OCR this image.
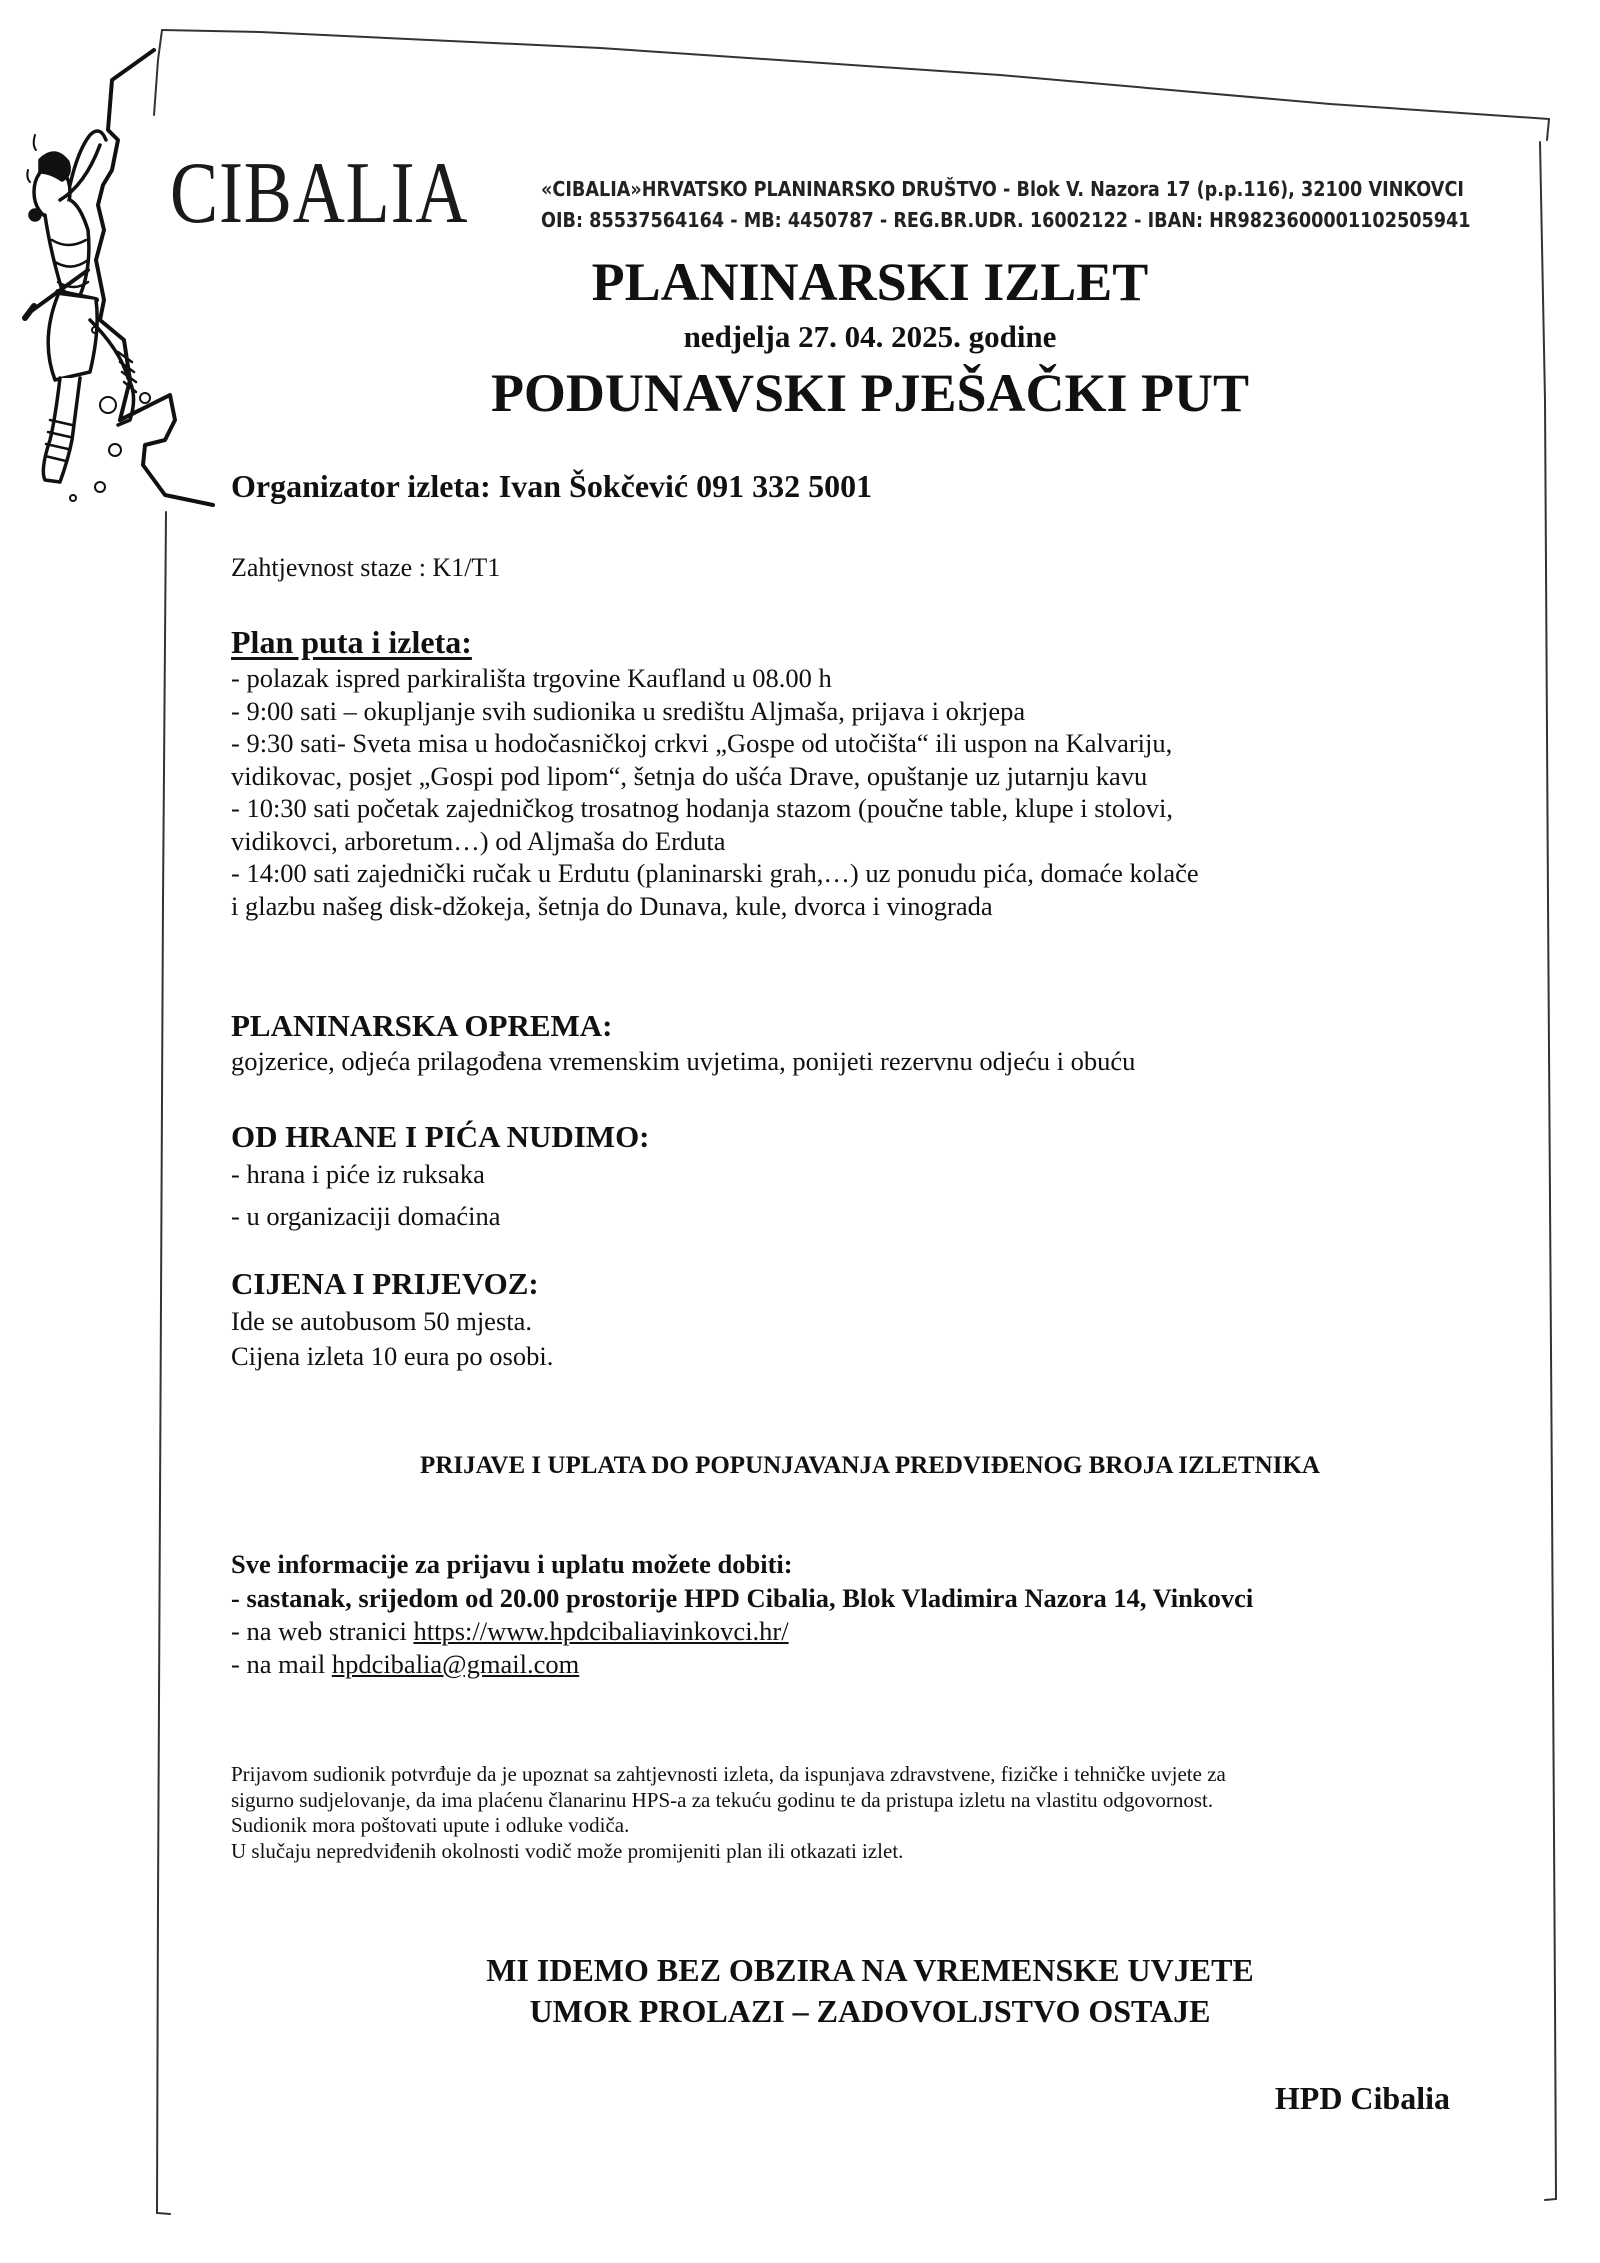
CIBALIA	«CIBALIA»HRVATSKO PLANINARSKO DRUŠTVO - Blok V. Nazora 17 (p.p.116), 32100 VINKOVCI
OIB: 85537564164 - MB: 4450787 - REG.BR.UDR. 16002122 - IBAN: HR9823600001102505941
PLANINARSKI IZLET
nedjelja 27. 04. 2025. godine
PODUNAVSKI PJEŠAČKI PUT
Organizator izleta: Ivan Šokčević 091 332 5001
Zahtjevnost staze : K1/T1
Plan puta i izleta:
- polazak ispred parkirališta trgovine Kaufland u 08.00 h
- 9:00 sati – okupljanje svih sudionika u središtu Aljmaša, prijava i okrjepa
- 9:30 sati- Sveta misa u hodočasničkoj crkvi „Gospe od utočišta“ ili uspon na Kalvariju,
vidikovac, posjet „Gospi pod lipom“, šetnja do ušća Drave, opuštanje uz jutarnju kavu
- 10:30 sati početak zajedničkog trosatnog hodanja stazom (poučne table, klupe i stolovi,
vidikovci, arboretum…) od Aljmaša do Erduta
- 14:00 sati zajednički ručak u Erdutu (planinarski grah,…) uz ponudu pića, domaće kolače
i glazbu našeg disk-džokeja, šetnja do Dunava, kule, dvorca i vinograda
PLANINARSKA OPREMA:
gojzerice, odjeća prilagođena vremenskim uvjetima, ponijeti rezervnu odjeću i obuću
OD HRANE I PIĆA NUDIMO:
- hrana i piće iz ruksaka
- u organizaciji domaćina
CIJENA I PRIJEVOZ:
Ide se autobusom 50 mjesta.
Cijena izleta 10 eura po osobi.
PRIJAVE I UPLATA DO POPUNJAVANJA PREDVIĐENOG BROJA IZLETNIKA
Sve informacije za prijavu i uplatu možete dobiti:
- sastanak, srijedom od 20.00 prostorije HPD Cibalia, Blok Vladimira Nazora 14, Vinkovci
- na web stranici https://www.hpdcibaliavinkovci.hr/
- na mail hpdcibalia@gmail.com
Prijavom sudionik potvrđuje da je upoznat sa zahtjevnosti izleta, da ispunjava zdravstvene, fizičke i tehničke uvjete za
sigurno sudjelovanje, da ima plaćenu članarinu HPS-a za tekuću godinu te da pristupa izletu na vlastitu odgovornost.
Sudionik mora poštovati upute i odluke vodiča.
U slučaju nepredviđenih okolnosti vodič može promijeniti plan ili otkazati izlet.
MI IDEMO BEZ OBZIRA NA VREMENSKE UVJETE
UMOR PROLAZI – ZADOVOLJSTVO OSTAJE
HPD Cibalia
